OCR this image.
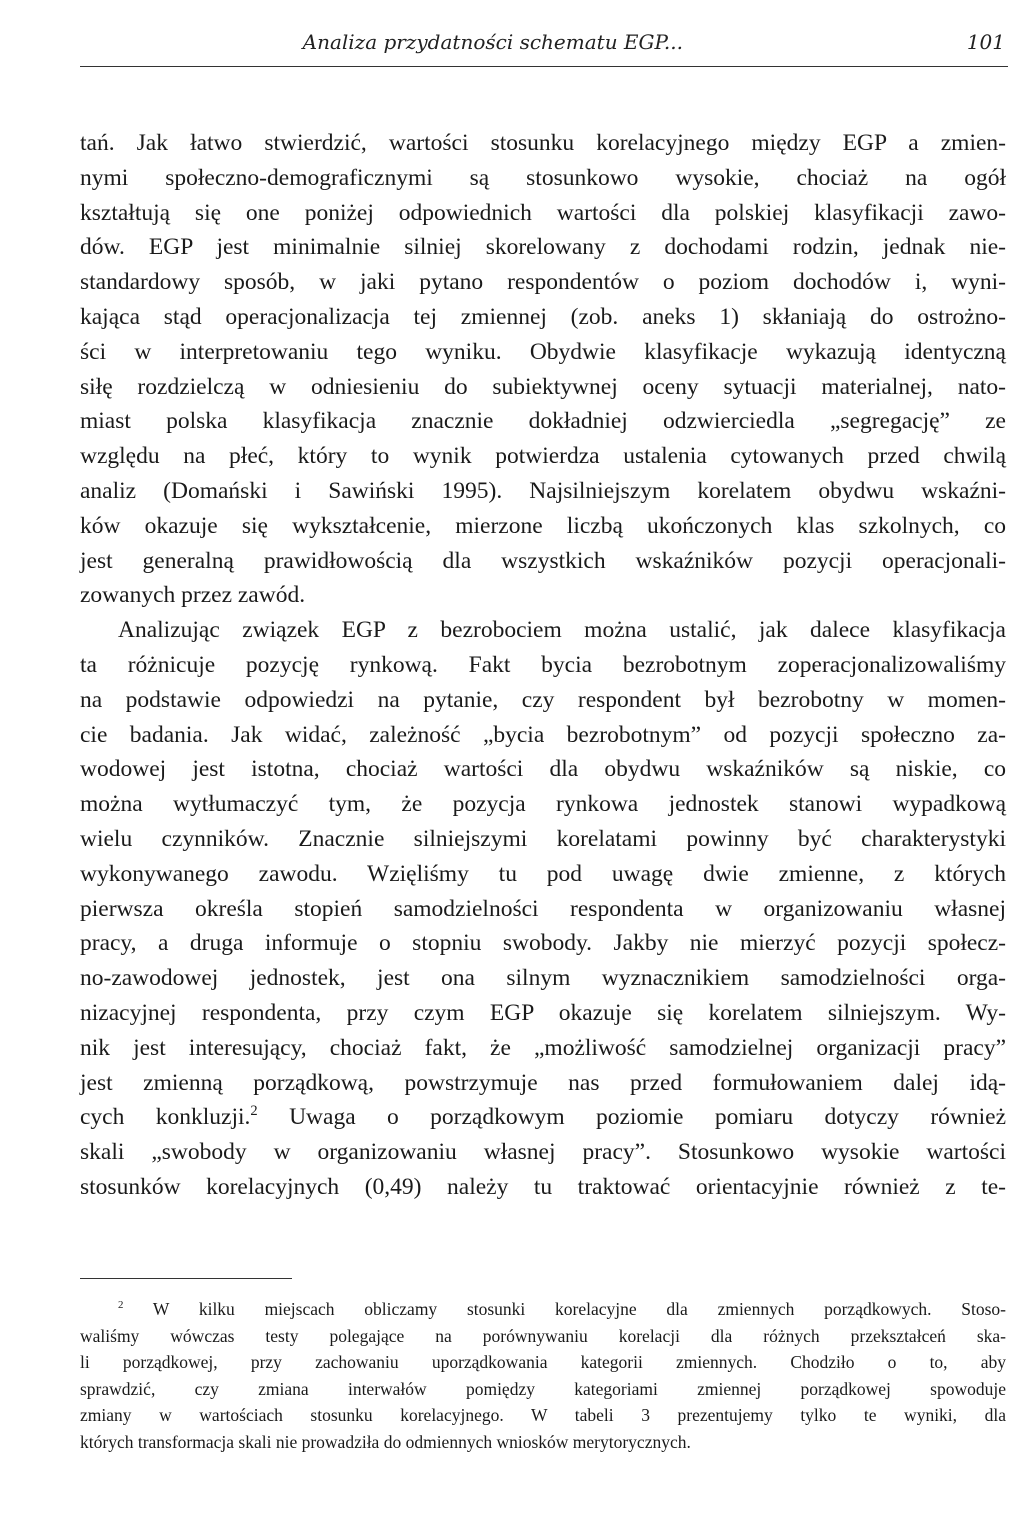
Analiza przydatności schematu EGP...	101
tań. Jak łatwo stwierdzić, wartości stosunku korelacyjnego między EGP a zmien-
nymi społeczno-demograficznymi są stosunkowo wysokie, chociaż na ogół
kształtują się one poniżej odpowiednich wartości dla polskiej klasyfikacji zawo-
dów. EGP jest minimalnie silniej skorelowany z dochodami rodzin, jednak nie-
standardowy sposób, w jaki pytano respondentów o poziom dochodów i, wyni-
kająca stąd operacjonalizacja tej zmiennej (zob. aneks 1) skłaniają do ostrożno-
ści w interpretowaniu tego wyniku. Obydwie klasyfikacje wykazują identyczną
siłę rozdzielczą w odniesieniu do subiektywnej oceny sytuacji materialnej, nato-
miast polska klasyfikacja znacznie dokładniej odzwierciedla „segregację” ze
względu na płeć, który to wynik potwierdza ustalenia cytowanych przed chwilą
analiz (Domański i Sawiński 1995). Najsilniejszym korelatem obydwu wskaźni-
ków okazuje się wykształcenie, mierzone liczbą ukończonych klas szkolnych, co
jest generalną prawidłowością dla wszystkich wskaźników pozycji operacjonali-
zowanych przez zawód.
Analizując związek EGP z bezrobociem można ustalić, jak dalece klasyfikacja
ta różnicuje pozycję rynkową. Fakt bycia bezrobotnym zoperacjonalizowaliśmy
na podstawie odpowiedzi na pytanie, czy respondent był bezrobotny w momen-
cie badania. Jak widać, zależność „bycia bezrobotnym” od pozycji społeczno za-
wodowej jest istotna, chociaż wartości dla obydwu wskaźników są niskie, co
można wytłumaczyć tym, że pozycja rynkowa jednostek stanowi wypadkową
wielu czynników. Znacznie silniejszymi korelatami powinny być charakterystyki
wykonywanego zawodu. Wzięliśmy tu pod uwagę dwie zmienne, z których
pierwsza określa stopień samodzielności respondenta w organizowaniu własnej
pracy, a druga informuje o stopniu swobody. Jakby nie mierzyć pozycji społecz-
no-zawodowej jednostek, jest ona silnym wyznacznikiem samodzielności orga-
nizacyjnej respondenta, przy czym EGP okazuje się korelatem silniejszym. Wy-
nik jest interesujący, chociaż fakt, że „możliwość samodzielnej organizacji pracy”
jest zmienną porządkową, powstrzymuje nas przed formułowaniem dalej idą-
cych konkluzji.$^2$ Uwaga o porządkowym poziomie pomiaru dotyczy również
skali „swobody w organizowaniu własnej pracy”. Stosunkowo wysokie wartości
stosunków korelacyjnych (0,49) należy tu traktować orientacyjnie również z te-
$^2$ W kilku miejscach obliczamy stosunki korelacyjne dla zmiennych porządkowych. Stoso-
waliśmy wówczas testy polegające na porównywaniu korelacji dla różnych przekształceń ska-
li porządkowej, przy zachowaniu uporządkowania kategorii zmiennych. Chodziło o to, aby
sprawdzić, czy zmiana interwałów pomiędzy kategoriami zmiennej porządkowej spowoduje
zmiany w wartościach stosunku korelacyjnego. W tabeli 3 prezentujemy tylko te wyniki, dla
których transformacja skali nie prowadziła do odmiennych wniosków merytorycznych.
